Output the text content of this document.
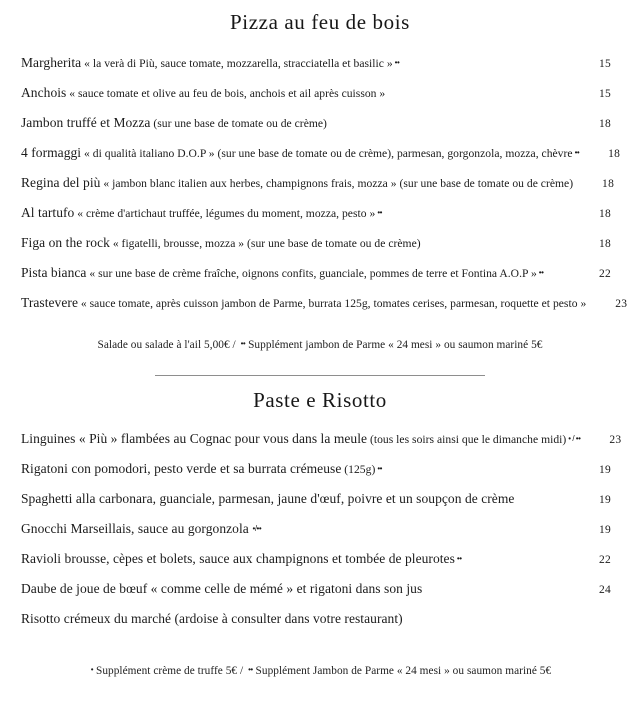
Pizza au feu de bois
Margherita « la verà di Più, sauce tomate, mozzarella, stracciatella et basilic » ••	15
Anchois « sauce tomate et olive au feu de bois, anchois et ail après cuisson »	15
Jambon truffé et Mozza (sur une base de tomate ou de crème)	18
4 formaggi « di qualità italiano D.O.P » (sur une base de tomate ou de crème), parmesan, gorgonzola, mozza, chèvre ••	18
Regina del più « jambon blanc italien aux herbes, champignons frais, mozza » (sur une base de tomate ou de crème)	18
Al tartufo « crème d'artichaut truffée, légumes du moment, mozza, pesto » ••	18
Figa on the rock « figatelli, brousse, mozza » (sur une base de tomate ou de crème)	18
Pista bianca « sur une base de crème fraîche, oignons confits, guanciale, pommes de terre et Fontina A.O.P » ••	22
Trastevere « sauce tomate, après cuisson jambon de Parme, burrata 125g, tomates cerises, parmesan, roquette et pesto »	23
Salade ou salade à l'ail 5,00€ / •• Supplément jambon de Parme « 24 mesi » ou saumon mariné 5€
Paste e Risotto
Linguines « Più » flambées au Cognac pour vous dans la meule (tous les soirs ainsi que le dimanche midi) • / ••	23
Rigatoni con pomodori, pesto verde et sa burrata crémeuse (125g) ••	19
Spaghetti alla carbonara, guanciale, parmesan, jaune d'œuf, poivre et un soupçon de crème	19
Gnocchi Marseillais, sauce au gorgonzola •/••	19
Ravioli brousse, cèpes et bolets, sauce aux champignons et tombée de pleurotes ••	22
Daube de joue de bœuf « comme celle de mémé » et rigatoni dans son jus	24
Risotto crémeux du marché (ardoise à consulter dans votre restaurant)
• Supplément crème de truffe 5€ / •• Supplément Jambon de Parme « 24 mesi » ou saumon mariné 5€
